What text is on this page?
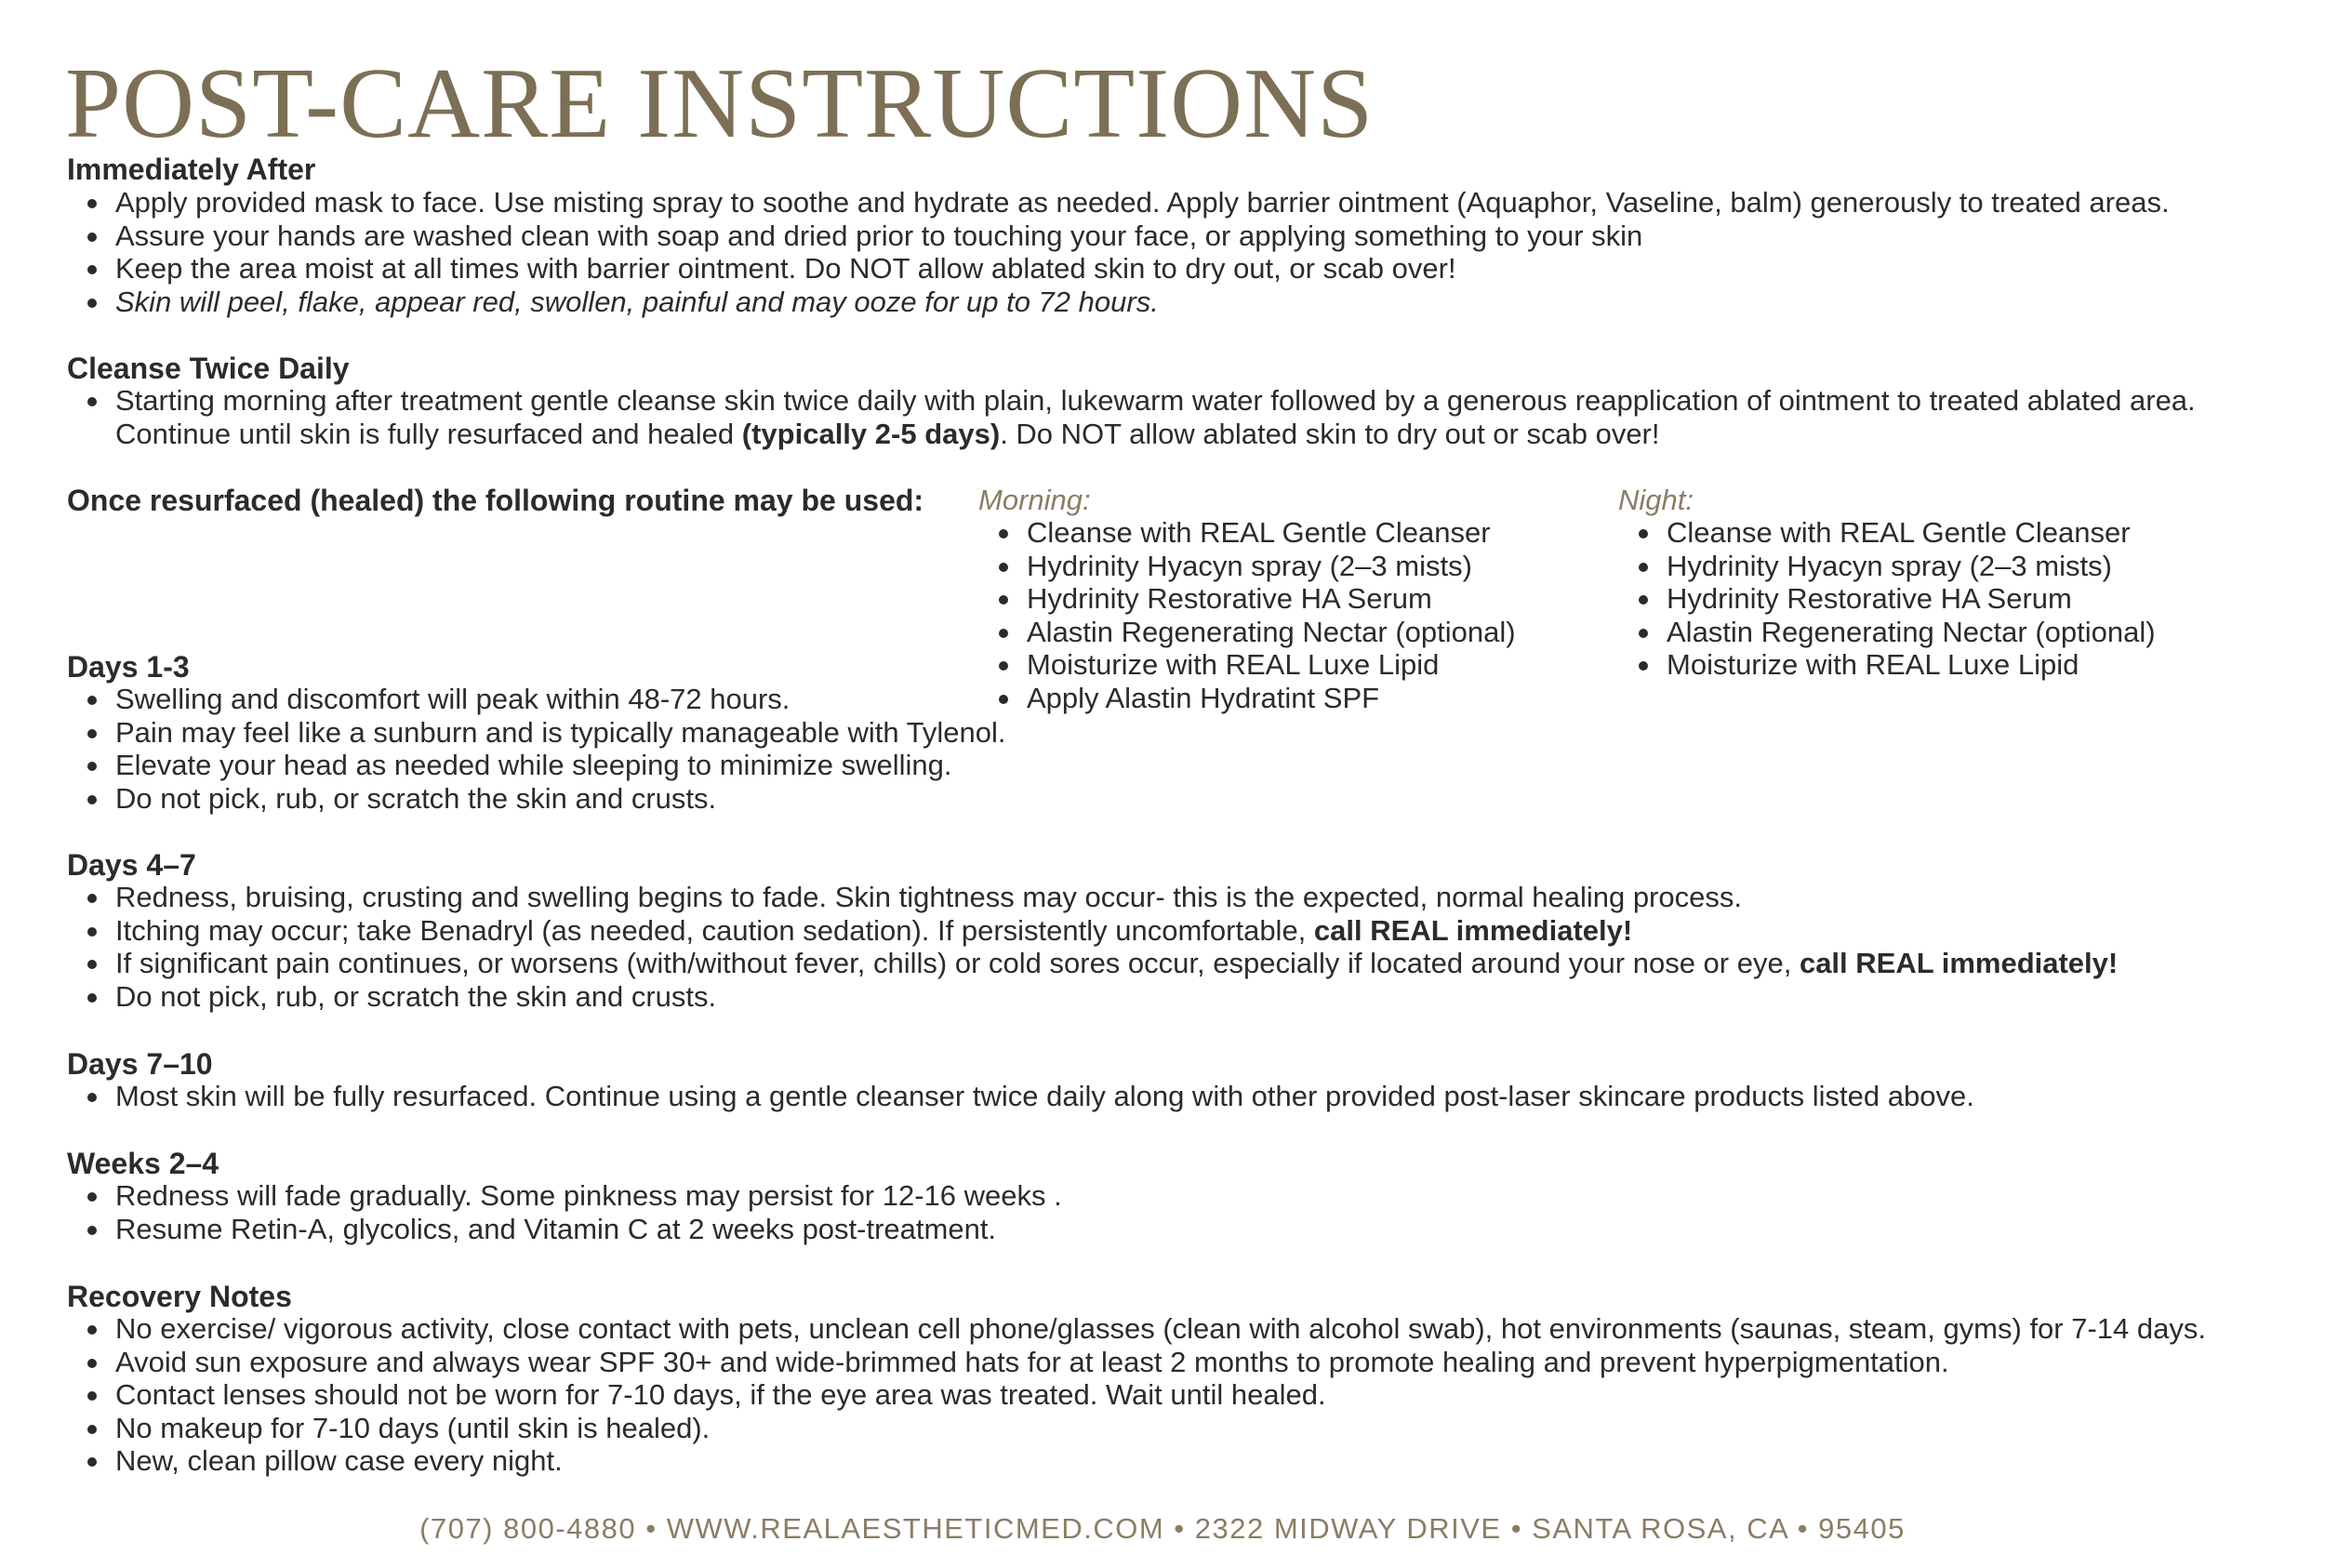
POST-CARE INSTRUCTIONS
Immediately After
Apply provided mask to face. Use misting spray to soothe and hydrate as needed. Apply barrier ointment (Aquaphor, Vaseline, balm) generously to treated areas.
Assure your hands are washed clean with soap and dried prior to touching your face, or applying something to your skin
Keep the area moist at all times with barrier ointment. Do NOT allow ablated skin to dry out, or scab over!
Skin will peel, flake, appear red, swollen, painful and may ooze for up to 72 hours.
Cleanse Twice Daily
Starting morning after treatment gentle cleanse skin twice daily with plain, lukewarm water followed by a generous reapplication of ointment to treated ablated area. Continue until skin is fully resurfaced and healed (typically 2-5 days). Do NOT allow ablated skin to dry out or scab over!
Once resurfaced (healed) the following routine may be used: Morning:
Cleanse with REAL Gentle Cleanser
Hydrinity Hyacyn spray (2–3 mists)
Hydrinity Restorative HA Serum
Alastin Regenerating Nectar (optional)
Moisturize with REAL Luxe Lipid
Apply Alastin Hydratint SPF
Night:
Cleanse with REAL Gentle Cleanser
Hydrinity Hyacyn spray (2–3 mists)
Hydrinity Restorative HA Serum
Alastin Regenerating Nectar (optional)
Moisturize with REAL Luxe Lipid
Days 1-3
Swelling and discomfort will peak within 48-72 hours.
Pain may feel like a sunburn and is typically manageable with Tylenol.
Elevate your head as needed while sleeping to minimize swelling.
Do not pick, rub, or scratch the skin and crusts.
Days 4–7
Redness, bruising, crusting and swelling begins to fade. Skin tightness may occur- this is the expected, normal healing process.
Itching may occur; take Benadryl (as needed, caution sedation). If persistently uncomfortable, call REAL immediately!
If significant pain continues, or worsens (with/without fever, chills) or cold sores occur, especially if located around your nose or eye, call REAL immediately!
Do not pick, rub, or scratch the skin and crusts.
Days 7–10
Most skin will be fully resurfaced. Continue using a gentle cleanser twice daily along with other provided post-laser skincare products listed above.
Weeks 2–4
Redness will fade gradually. Some pinkness may persist for 12-16 weeks .
Resume Retin-A, glycolics, and Vitamin C at 2 weeks post-treatment.
Recovery Notes
No exercise/ vigorous activity, close contact with pets, unclean cell phone/glasses (clean with alcohol swab), hot environments (saunas, steam, gyms) for 7-14 days.
Avoid sun exposure and always wear SPF 30+ and wide-brimmed hats for at least 2 months to promote healing and prevent hyperpigmentation.
Contact lenses should not be worn for 7-10 days, if the eye area was treated. Wait until healed.
No makeup for 7-10 days (until skin is healed).
New, clean pillow case every night.
(707) 800-4880 • WWW.REALAESTHETICMED.COM • 2322 MIDWAY DRIVE • SANTA ROSA, CA • 95405
